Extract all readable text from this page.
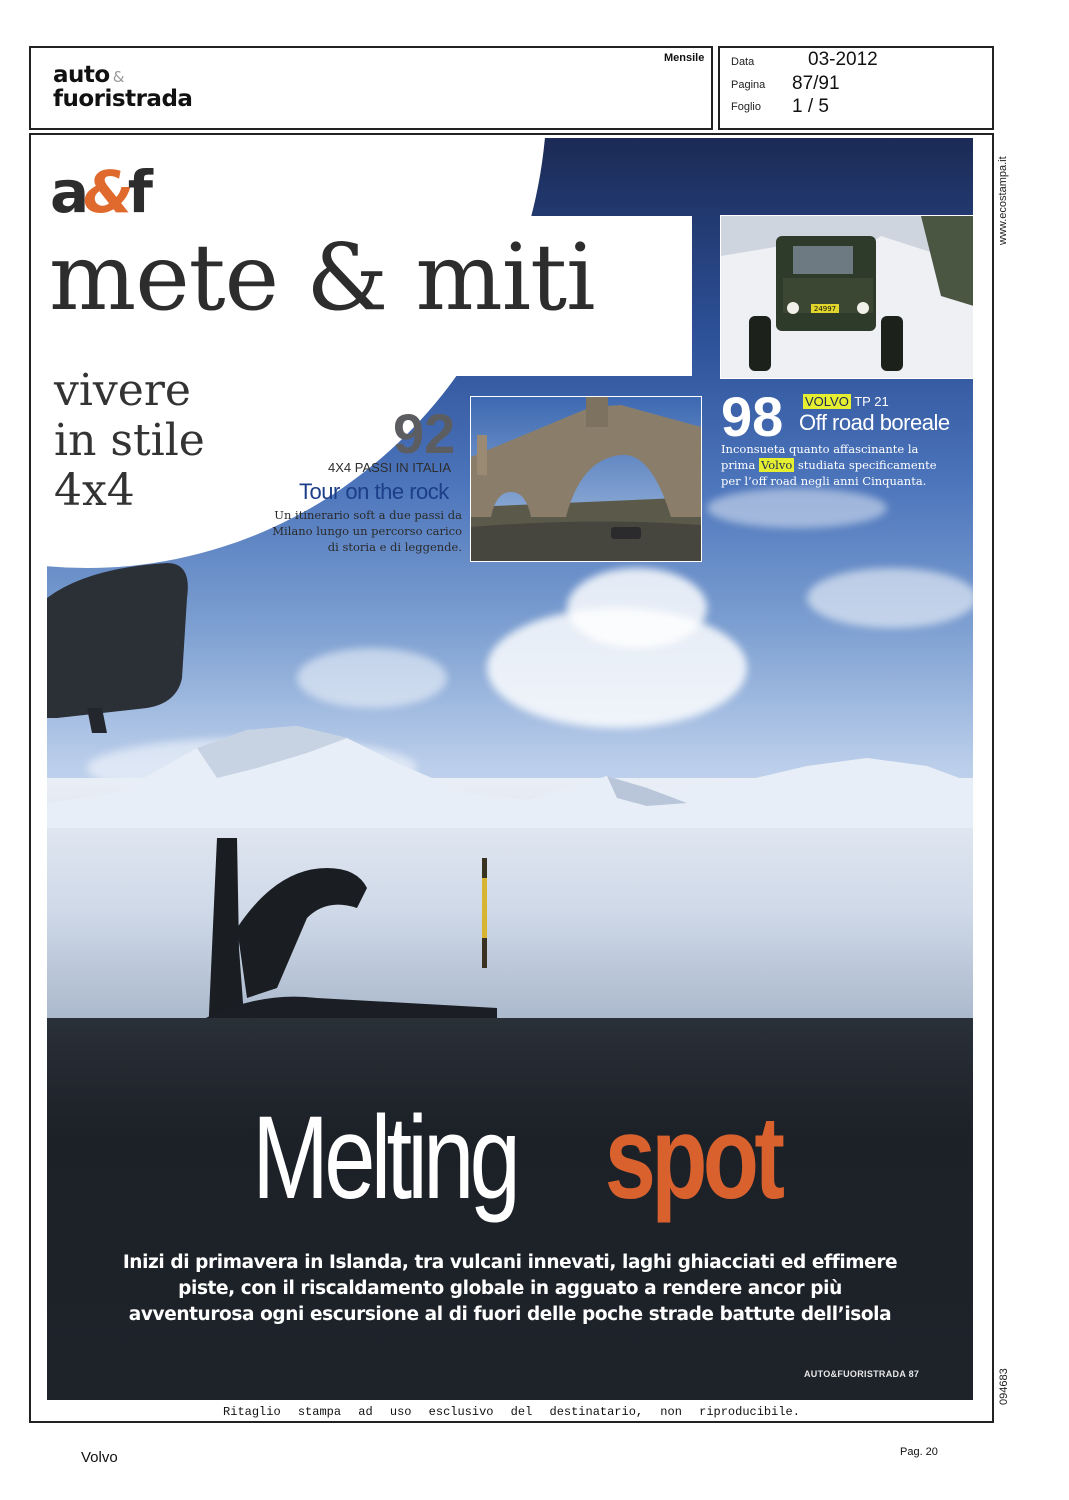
auto &
fuoristrada
Mensile Data	03-2012
Pagina 87/91
Foglio 1 / 5
www.ecostampa.it
094683
a&f
mete & miti
vivere
in stile
4x4
92
4X4 PASSI IN ITALIA
Tour on the rock
Un itinerario soft a due passi da
Milano lungo un percorso carico
di storia e di leggende.
24997
98 VOLVO TP 21
Off road boreale
Inconsueta quanto affascinante la
prima Volvo studiata specificamente
per l’off road negli anni Cinquanta.
Melting spot
Inizi di primavera in Islanda, tra vulcani innevati, laghi ghiacciati ed effimere
piste, con il riscaldamento globale in agguato a rendere ancor più
avventurosa ogni escursione al di fuori delle poche strade battute dell’isola
AUTO&FUORISTRADA 87
Ritaglio stampa ad uso esclusivo del destinatario, non riproducibile.
Volvo	Pag. 20
